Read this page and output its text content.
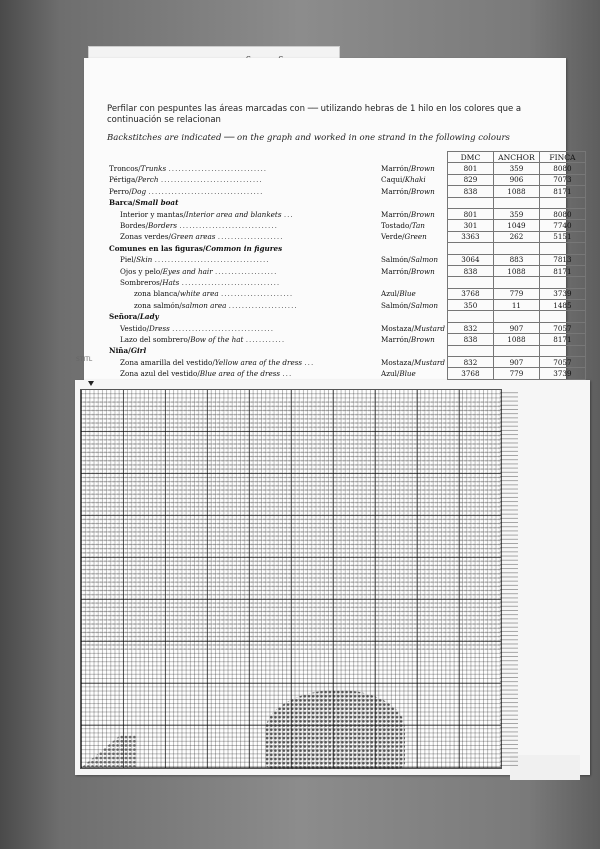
STITL
Perfilar con pespuntes las áreas marcadas con ── utilizando hebras de 1 hilo en los colores que a continuación se relacionan
Backstitches are indicated ── on the graph and worked in one strand in the following colours
		DMC	ANCHOR	FINCA
Troncos/Trunks ..............................	Marrón/Brown	801	359	8080
Pértiga/Perch ...............................	Caqui/Khaki	829	906	7073
Perro/Dog ...................................	Marrón/Brown	838	1088	8171
Barca/Small boat				
Interior y mantas/Interior area and blankets ...	Marrón/Brown	801	359	8080
Bordes/Borders ..............................	Tostado/Tan	301	1049	7740
Zonas verdes/Green areas ....................	Verde/Green	3363	262	5151
Comunes en las figuras/Common in figures				
Piel/Skin ...................................	Salmón/Salmon	3064	883	7813
Ojos y pelo/Eyes and hair ...................	Marrón/Brown	838	1088	8171
Sombreros/Hats ..............................				
zona blanca/white area ......................	Azul/Blue	3768	779	3739
zona salmón/salmon area .....................	Salmón/Salmon	350	11	1485
Señora/Lady				
Vestido/Dress ...............................	Mostaza/Mustard	832	907	7057
Lazo del sombrero/Bow of the hat ............	Marrón/Brown	838	1088	8171
Niña/Girl				
Zona amarilla del vestido/Yellow area of the dress ...	Mostaza/Mustard	832	907	7057
Zona azul del vestido/Blue area of the dress ...	Azul/Blue	3768	779	3739
